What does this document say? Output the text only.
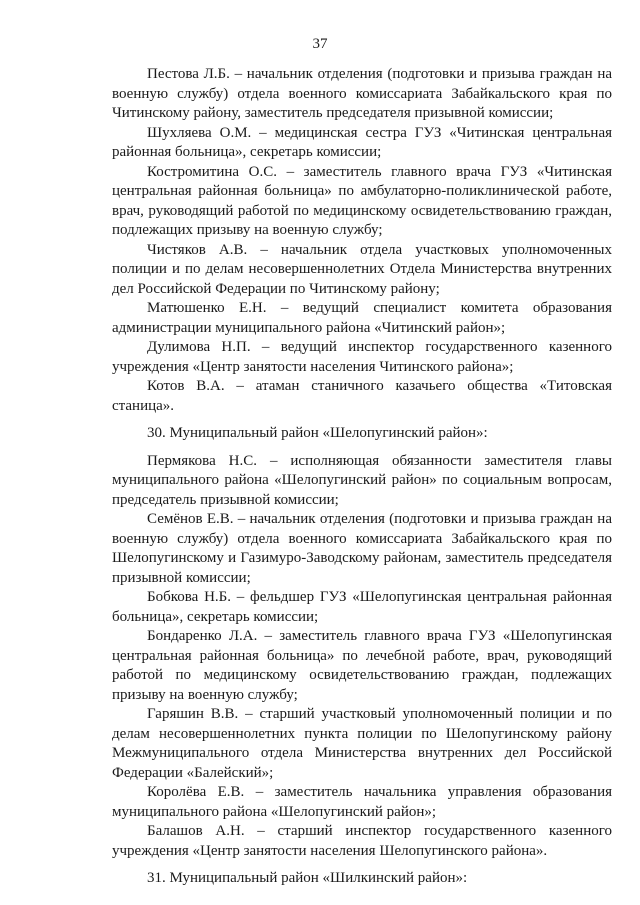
37

Пестова Л.Б. – начальник отделения (подготовки и призыва граждан на военную службу) отдела военного комиссариата Забайкальского края по Читинскому району, заместитель председателя призывной комиссии;

Шухляева О.М. – медицинская сестра ГУЗ «Читинская центральная районная больница», секретарь комиссии;

Костромитина О.С. – заместитель главного врача ГУЗ «Читинская центральная районная больница» по амбулаторно-поликлинической работе, врач, руководящий работой по медицинскому освидетельствованию граждан, подлежащих призыву на военную службу;

Чистяков А.В. – начальник отдела участковых уполномоченных полиции и по делам несовершеннолетних Отдела Министерства внутренних дел Российской Федерации по Читинскому району;

Матюшенко Е.Н. – ведущий специалист комитета образования администрации муниципального района «Читинский район»;

Дулимова Н.П. – ведущий инспектор государственного казенного учреждения «Центр занятости населения Читинского района»;

Котов В.А. – атаман станичного казачьего общества «Титовская станица».

30. Муниципальный район «Шелопугинский район»:

Пермякова Н.С. – исполняющая обязанности заместителя главы муниципального района «Шелопугинский район» по социальным вопросам, председатель призывной комиссии;

Семёнов Е.В. – начальник отделения (подготовки и призыва граждан на военную службу) отдела военного комиссариата Забайкальского края по Шелопугинскому и Газимуро-Заводскому районам, заместитель председателя призывной комиссии;

Бобкова Н.Б. – фельдшер ГУЗ «Шелопугинская центральная районная больница», секретарь комиссии;

Бондаренко Л.А. – заместитель главного врача ГУЗ «Шелопугинская центральная районная больница» по лечебной работе, врач, руководящий работой по медицинскому освидетельствованию граждан, подлежащих призыву на военную службу;

Гаряшин В.В. – старший участковый уполномоченный полиции и по делам несовершеннолетних пункта полиции по Шелопугинскому району Межмуниципального отдела Министерства внутренних дел Российской Федерации «Балейский»;

Королёва Е.В. – заместитель начальника управления образования муниципального района «Шелопугинский район»;

Балашов А.Н. – старший инспектор государственного казенного учреждения «Центр занятости населения Шелопугинского района».

31. Муниципальный район «Шилкинский район»:
